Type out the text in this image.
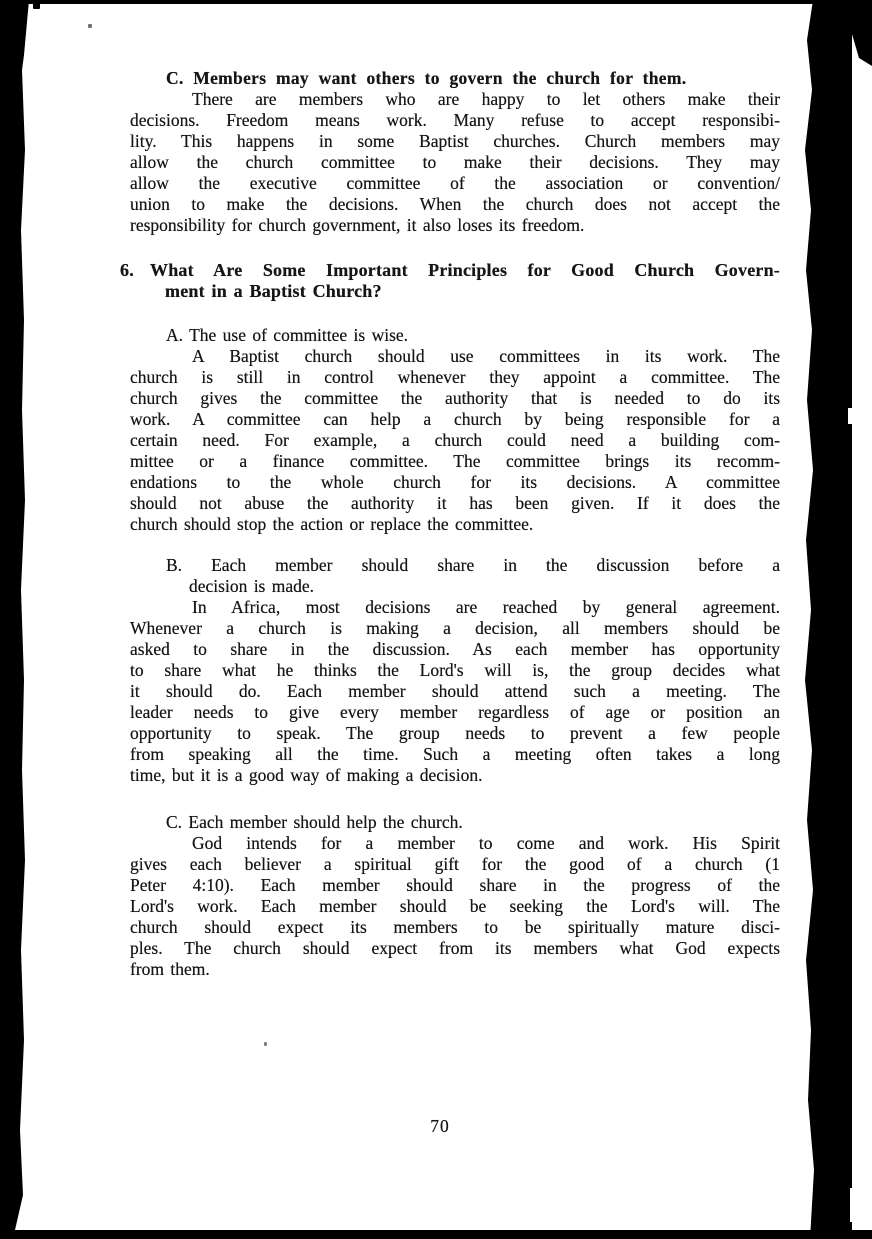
C. Members may want others to govern the church for them.
There are members who are happy to let others make their
decisions. Freedom means work. Many refuse to accept responsibi-
lity. This happens in some Baptist churches. Church members may
allow the church committee to make their decisions. They may
allow the executive committee of the association or convention/
union to make the decisions. When the church does not accept the
responsibility for church government, it also loses its freedom.
6. What Are Some Important Principles for Good Church Govern-
ment in a Baptist Church?
A. The use of committee is wise.
A Baptist church should use committees in its work. The
church is still in control whenever they appoint a committee. The
church gives the committee the authority that is needed to do its
work. A committee can help a church by being responsible for a
certain need. For example, a church could need a building com-
mittee or a finance committee. The committee brings its recomm-
endations to the whole church for its decisions. A committee
should not abuse the authority it has been given. If it does the
church should stop the action or replace the committee.
B. Each member should share in the discussion before a
decision is made.
In Africa, most decisions are reached by general agreement.
Whenever a church is making a decision, all members should be
asked to share in the discussion. As each member has opportunity
to share what he thinks the Lord's will is, the group decides what
it should do. Each member should attend such a meeting. The
leader needs to give every member regardless of age or position an
opportunity to speak. The group needs to prevent a few people
from speaking all the time. Such a meeting often takes a long
time, but it is a good way of making a decision.
C. Each member should help the church.
God intends for a member to come and work. His Spirit
gives each believer a spiritual gift for the good of a church (1
Peter 4:10). Each member should share in the progress of the
Lord's work. Each member should be seeking the Lord's will. The
church should expect its members to be spiritually mature disci-
ples. The church should expect from its members what God expects
from them.
70
